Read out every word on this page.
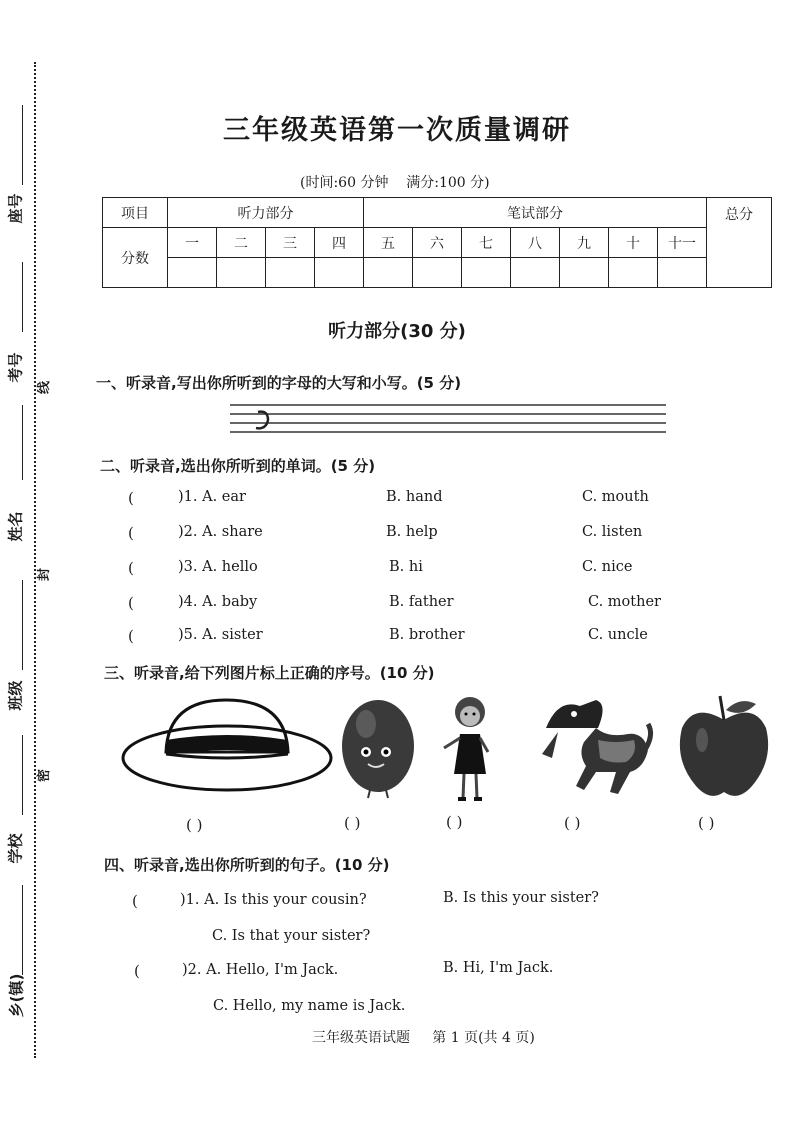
座号
考号
线
姓名
封
班级
密
学校
乡(镇)
三年级英语第一次质量调研
(时间:60 分钟 满分:100 分)
项目	听力部分				笔试部分							总分
分数	一	二	三	四	五	六	七	八	九	十	十一	

听力部分(30 分)
一、听录音,写出你所听到的字母的大写和小写。(5 分)
二、听录音,选出你所听到的单词。(5 分)
(	)1. A. ear	B. hand	C. mouth
(	)2. A. share	B. help	C. listen
(	)3. A. hello	B. hi	C. nice
(	)4. A. baby	B. father	C. mother
(	)5. A. sister	B. brother	C. uncle
三、听录音,给下列图片标上正确的序号。(10 分)
( )	( )	( )	( )	( )
四、听录音,选出你所听到的句子。(10 分)
(	)1. A. Is this your cousin?	B. Is this your sister?
C. Is that your sister?
(	)2. A. Hello, I'm Jack.	B. Hi, I'm Jack.
C. Hello, my name is Jack.
三年级英语试题 第 1 页(共 4 页)
